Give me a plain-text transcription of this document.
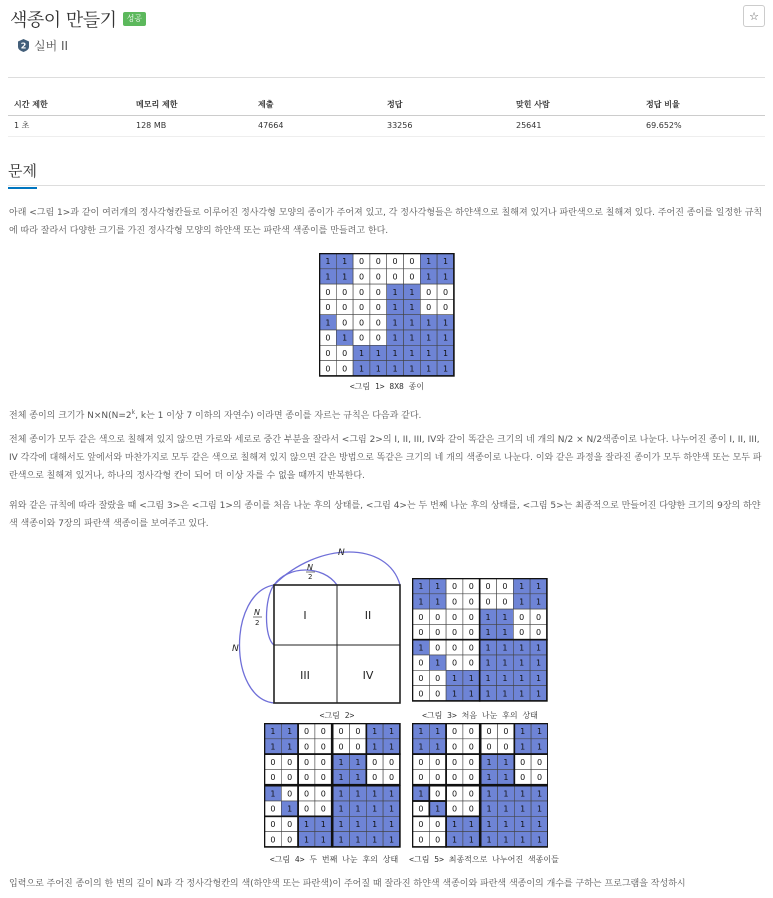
색종이 만들기	성공	☆
2 실버 II
시간 제한	메모리 제한	제출	정답	맞힌 사람	정답 비율
1 초	128 MB	47664	33256	25641	69.652%
문제
아래 <그림 1>과 같이 여러개의 정사각형칸들로 이루어진 정사각형 모양의 종이가 주어져 있고, 각 정사각형들은 하얀색으로 칠해져 있거나 파란색으로 칠해져 있다. 주어진 종이를 일정한 규칙에 따라 잘라서 다양한 크기를 가진 정사각형 모양의 하얀색 또는 파란색 색종이를 만들려고 한다.
1 1 0 0 0 0 1 1
1 1 0 0 0 0 1 1
0 0 0 0 1 1 0 0
0 0 0 0 1 1 0 0
1 0 0 0 1 1 1 1
0 1 0 0 1 1 1 1
0 0 1 1 1 1 1 1
0 0 1 1 1 1 1 1
<그림 1> 8X8 종이
전체 종이의 크기가 $N\times N(N=2^k$, k는 1 이상 7 이하의 자연수) 이라면 종이를 자르는 규칙은 다음과 같다.
전체 종이가 모두 같은 색으로 칠해져 있지 않으면 가로와 세로로 중간 부분을 잘라서 <그림 2>의 I, II, III, IV와 같이 똑같은 크기의 네 개의 N/2 × N/2색종이로 나눈다. 나누어진 종이 I, II, III, IV 각각에 대해서도 앞에서와 마찬가지로 모두 같은 색으로 칠해져 있지 않으면 같은 방법으로 똑같은 크기의 네 개의 색종이로 나눈다. 이와 같은 과정을 잘라진 종이가 모두 하얀색 또는 모두 파란색으로 칠해져 있거나, 하나의 정사각형 칸이 되어 더 이상 자를 수 없을 때까지 반복한다.
위와 같은 규칙에 따라 잘랐을 때 <그림 3>은 <그림 1>의 종이를 처음 나눈 후의 상태를, <그림 4>는 두 번째 나눈 후의 상태를, <그림 5>는 최종적으로 만들어진 다양한 크기의 9장의 하얀색 색종이와 7장의 파란색 색종이를 보여주고 있다.
I	II
III	IV
N
N
2
N
2
N
<그림 2>
1 1 0 0 0 0 1 1
1 1 0 0 0 0 1 1
0 0 0 0 1 1 0 0
0 0 0 0 1 1 0 0
1 0 0 0 1 1 1 1
0 1 0 0 1 1 1 1
0 0 1 1 1 1 1 1
0 0 1 1 1 1 1 1
<그림 3> 처음 나눈 후의 상태
1 1 0 0 0 0 1 1
1 1 0 0 0 0 1 1
0 0 0 0 1 1 0 0
0 0 0 0 1 1 0 0
1 0 0 0 1 1 1 1
0 1 0 0 1 1 1 1
0 0 1 1 1 1 1 1
0 0 1 1 1 1 1 1
<그림 4> 두 번째 나눈 후의 상태
1 1 0 0 0 0 1 1
1 1 0 0 0 0 1 1
0 0 0 0 1 1 0 0
0 0 0 0 1 1 0 0
1 0 0 0 1 1 1 1
0 1 0 0 1 1 1 1
0 0 1 1 1 1 1 1
0 0 1 1 1 1 1 1
<그림 5> 최종적으로 나누어진 색종이들
입력으로 주어진 종이의 한 변의 길이 N과 각 정사각형칸의 색(하얀색 또는 파란색)이 주어질 때 잘라진 하얀색 색종이와 파란색 색종이의 개수를 구하는 프로그램을 작성하시
